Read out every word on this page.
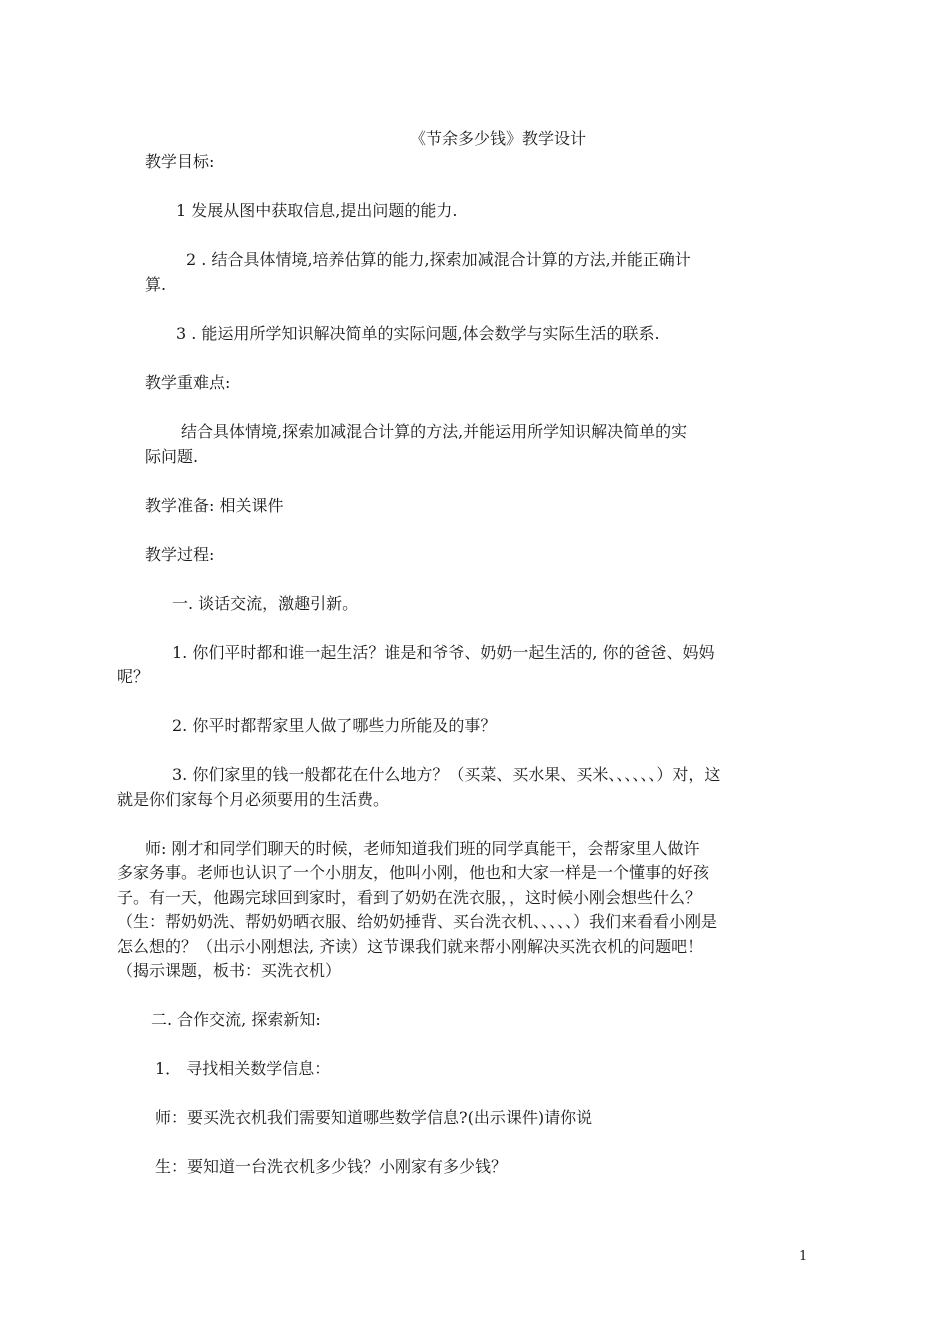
《节余多少钱》教学设计
教学目标:
1 发展从图中获取信息,提出问题的能力.
2 . 结合具体情境,培养估算的能力,探索加减混合计算的方法,并能正确计
算.
3 . 能运用所学知识解决简单的实际问题,体会数学与实际生活的联系.
教学重难点:
结合具体情境,探索加减混合计算的方法,并能运用所学知识解决简单的实
际问题.
教学准备: 相关课件
教学过程:
一. 谈话交流，激趣引新。
1. 你们平时都和谁一起生活？谁是和爷爷、奶奶一起生活的, 你的爸爸、妈妈
呢？
2. 你平时都帮家里人做了哪些力所能及的事？
3. 你们家里的钱一般都花在什么地方？（买菜、买水果、买米、、、、、、）对，这
就是你们家每个月必须要用的生活费。
师: 刚才和同学们聊天的时候，老师知道我们班的同学真能干，会帮家里人做许
多家务事。老师也认识了一个小朋友，他叫小刚，他也和大家一样是一个懂事的好孩
子。有一天，他踢完球回到家时，看到了奶奶在洗衣服，，这时候小刚会想些什么？
（生：帮奶奶洗、帮奶奶晒衣服、给奶奶捶背、买台洗衣机、、、、、）我们来看看小刚是
怎么想的？（出示小刚想法, 齐读）这节课我们就来帮小刚解决买洗衣机的问题吧！
（揭示课题，板书：买洗衣机）
二. 合作交流, 探索新知:
1． 寻找相关数学信息：
师：要买洗衣机我们需要知道哪些数学信息?(出示课件)请你说
生：要知道一台洗衣机多少钱？小刚家有多少钱？
1
